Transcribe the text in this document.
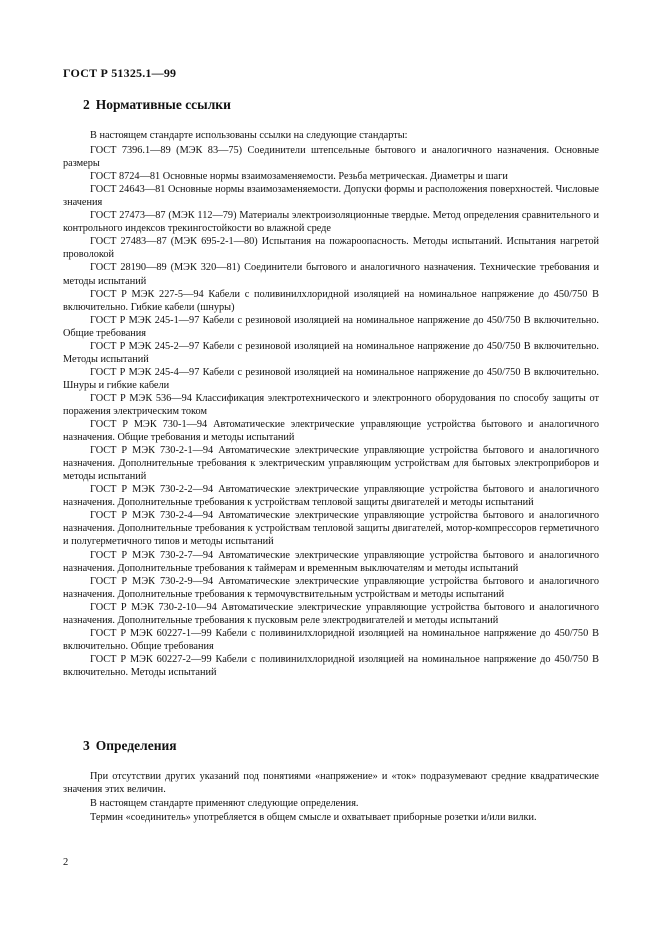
ГОСТ Р 51325.1—99
2 Нормативные ссылки

В настоящем стандарте использованы ссылки на следующие стандарты:

ГОСТ 7396.1—89 (МЭК 83—75) Соединители штепсельные бытового и аналогичного назначения. Основные размеры

ГОСТ 8724—81 Основные нормы взаимозаменяемости. Резьба метрическая. Диаметры и шаги

ГОСТ 24643—81 Основные нормы взаимозаменяемости. Допуски формы и расположения поверхностей. Числовые значения

ГОСТ 27473—87 (МЭК 112—79) Материалы электроизоляционные твердые. Метод определения сравнительного и контрольного индексов трекингостойкости во влажной среде

ГОСТ 27483—87 (МЭК 695-2-1—80) Испытания на пожароопасность. Методы испытаний. Испытания нагретой проволокой

ГОСТ 28190—89 (МЭК 320—81) Соединители бытового и аналогичного назначения. Технические требования и методы испытаний

ГОСТ Р МЭК 227-5—94 Кабели с поливинилхлоридной изоляцией на номинальное напряжение до 450/750 В включительно. Гибкие кабели (шнуры)

ГОСТ Р МЭК 245-1—97 Кабели с резиновой изоляцией на номинальное напряжение до 450/750 В включительно. Общие требования

ГОСТ Р МЭК 245-2—97 Кабели с резиновой изоляцией на номинальное напряжение до 450/750 В включительно. Методы испытаний

ГОСТ Р МЭК 245-4—97 Кабели с резиновой изоляцией на номинальное напряжение до 450/750 В включительно. Шнуры и гибкие кабели

ГОСТ Р МЭК 536—94 Классификация электротехнического и электронного оборудования по способу защиты от поражения электрическим током

ГОСТ Р МЭК 730-1—94 Автоматические электрические управляющие устройства бытового и аналогичного назначения. Общие требования и методы испытаний

ГОСТ Р МЭК 730-2-1—94 Автоматические электрические управляющие устройства бытового и аналогичного назначения. Дополнительные требования к электрическим управляющим устройствам для бытовых электроприборов и методы испытаний

ГОСТ Р МЭК 730-2-2—94 Автоматические электрические управляющие устройства бытового и аналогичного назначения. Дополнительные требования к устройствам тепловой защиты двигателей и методы испытаний

ГОСТ Р МЭК 730-2-4—94 Автоматические электрические управляющие устройства бытового и аналогичного назначения. Дополнительные требования к устройствам тепловой защиты двигателей, мотор-компрессоров герметичного и полугерметичного типов и методы испытаний

ГОСТ Р МЭК 730-2-7—94 Автоматические электрические управляющие устройства бытового и аналогичного назначения. Дополнительные требования к таймерам и временным выключателям и методы испытаний

ГОСТ Р МЭК 730-2-9—94 Автоматические электрические управляющие устройства бытового и аналогичного назначения. Дополнительные требования к термочувствительным устройствам и методы испытаний

ГОСТ Р МЭК 730-2-10—94 Автоматические электрические управляющие устройства бытового и аналогичного назначения. Дополнительные требования к пусковым реле электродвигателей и методы испытаний

ГОСТ Р МЭК 60227-1—99 Кабели с поливинилхлоридной изоляцией на номинальное напряжение до 450/750 В включительно. Общие требования

ГОСТ Р МЭК 60227-2—99 Кабели с поливинилхлоридной изоляцией на номинальное напряжение до 450/750 В включительно. Методы испытаний

3 Определения

При отсутствии других указаний под понятиями «напряжение» и «ток» подразумевают средние квадратические значения этих величин.

В настоящем стандарте применяют следующие определения.

Термин «соединитель» употребляется в общем смысле и охватывает приборные розетки и/или вилки.

2
